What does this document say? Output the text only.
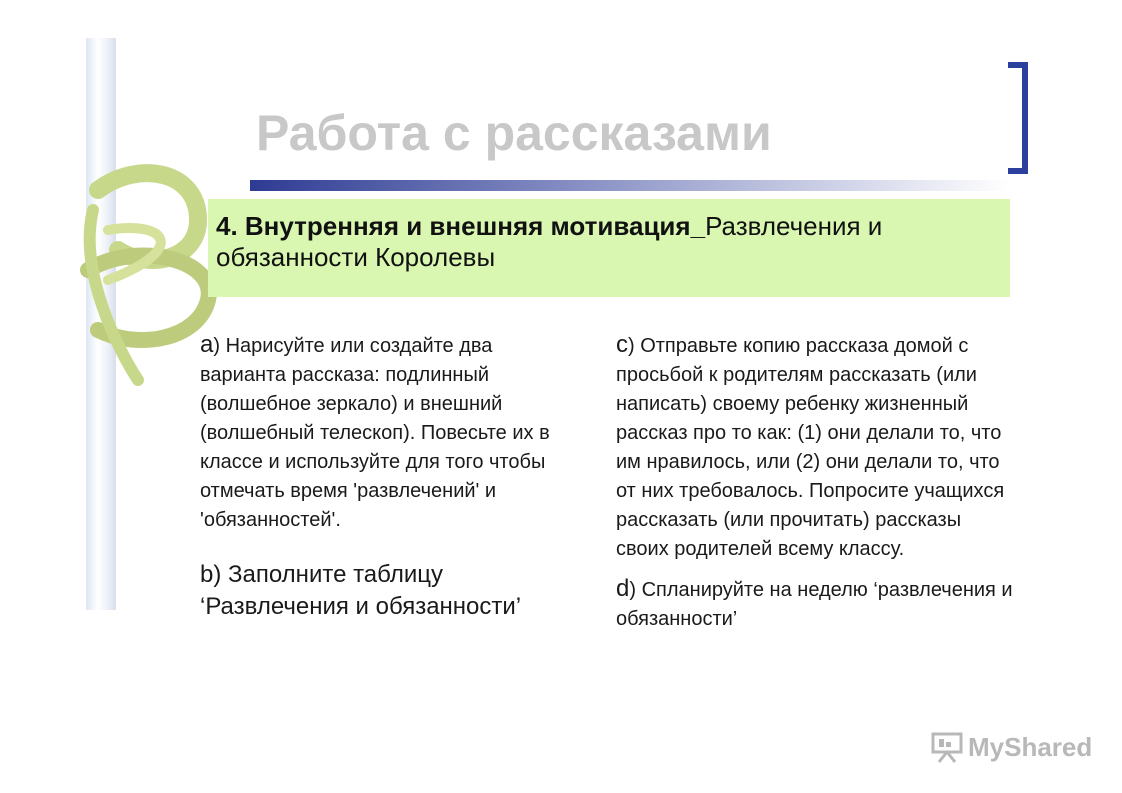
Работа с рассказами
4. Внутренняя и внешняя мотивация_Развлечения и обязанности Королевы

a) Нарисуйте или создайте два варианта рассказа: подлинный (волшебное зеркало) и внешний (волшебный телескоп). Повесьте их в классе и используйте для того чтобы отмечать время 'развлечений' и 'обязанностей'.

b) Заполните таблицу ‘Развлечения и обязанности’

c) Отправьте копию рассказа домой с просьбой к родителям рассказать (или написать) своему ребенку жизненный рассказ про то как: (1) они делали то, что им нравилось, или (2) они делали то, что от них требовалось. Попросите учащихся рассказать (или прочитать) рассказы своих родителей всему классу.

d) Спланируйте на неделю ‘развлечения и обязанности’

MyShared
